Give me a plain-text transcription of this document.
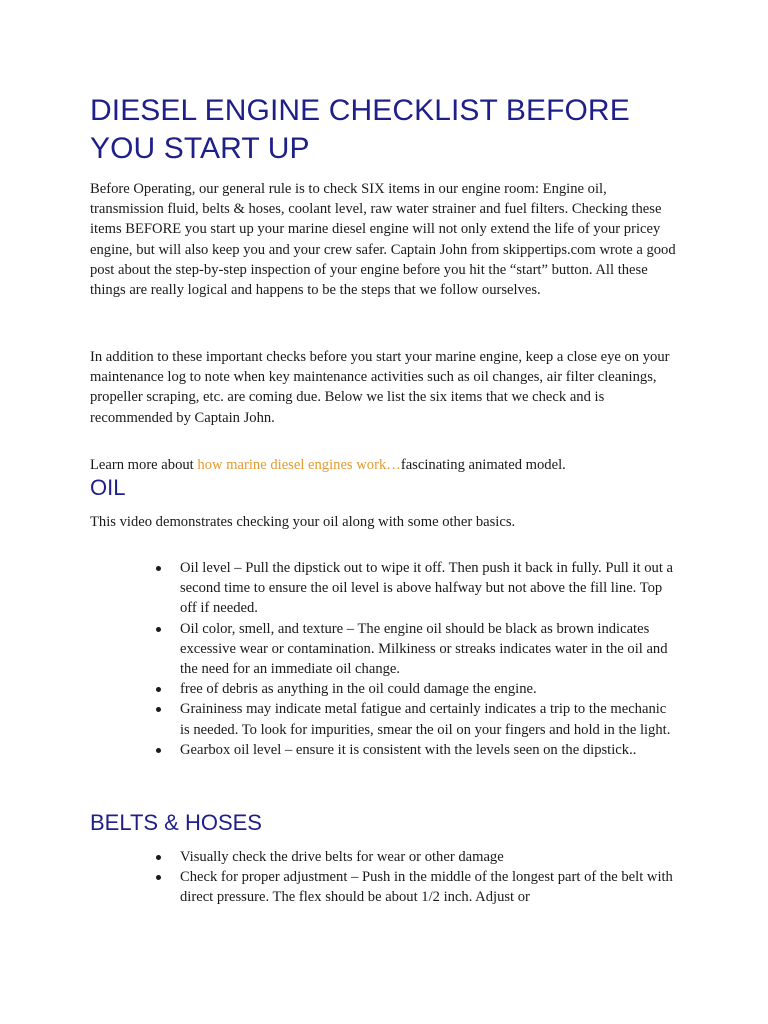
DIESEL ENGINE CHECKLIST BEFORE YOU START UP

Before Operating, our general rule is to check SIX items in our engine room: Engine oil, transmission fluid, belts & hoses, coolant level, raw water strainer and fuel filters. Checking these items BEFORE you start up your marine diesel engine will not only extend the life of your pricey engine, but will also keep you and your crew safer. Captain John from skippertips.com wrote a good post about the step-by-step inspection of your engine before you hit the “start” button. All these things are really logical and happens to be the steps that we follow ourselves.

In addition to these important checks before you start your marine engine, keep a close eye on your maintenance log to note when key maintenance activities such as oil changes, air filter cleanings, propeller scraping, etc. are coming due. Below we list the six items that we check and is recommended by Captain John.

Learn more about how marine diesel engines work…fascinating animated model.

OIL

This video demonstrates checking your oil along with some other basics.

Oil level – Pull the dipstick out to wipe it off. Then push it back in fully. Pull it out a second time to ensure the oil level is above halfway but not above the fill line. Top off if needed.
Oil color, smell, and texture – The engine oil should be black as brown indicates excessive wear or contamination. Milkiness or streaks indicates water in the oil and the need for an immediate oil change.
free of debris as anything in the oil could damage the engine.
Graininess may indicate metal fatigue and certainly indicates a trip to the mechanic is needed. To look for impurities, smear the oil on your fingers and hold in the light.
Gearbox oil level – ensure it is consistent with the levels seen on the dipstick..
BELTS & HOSES
Visually check the drive belts for wear or other damage
Check for proper adjustment – Push in the middle of the longest part of the belt with direct pressure. The flex should be about 1/2 inch. Adjust or
